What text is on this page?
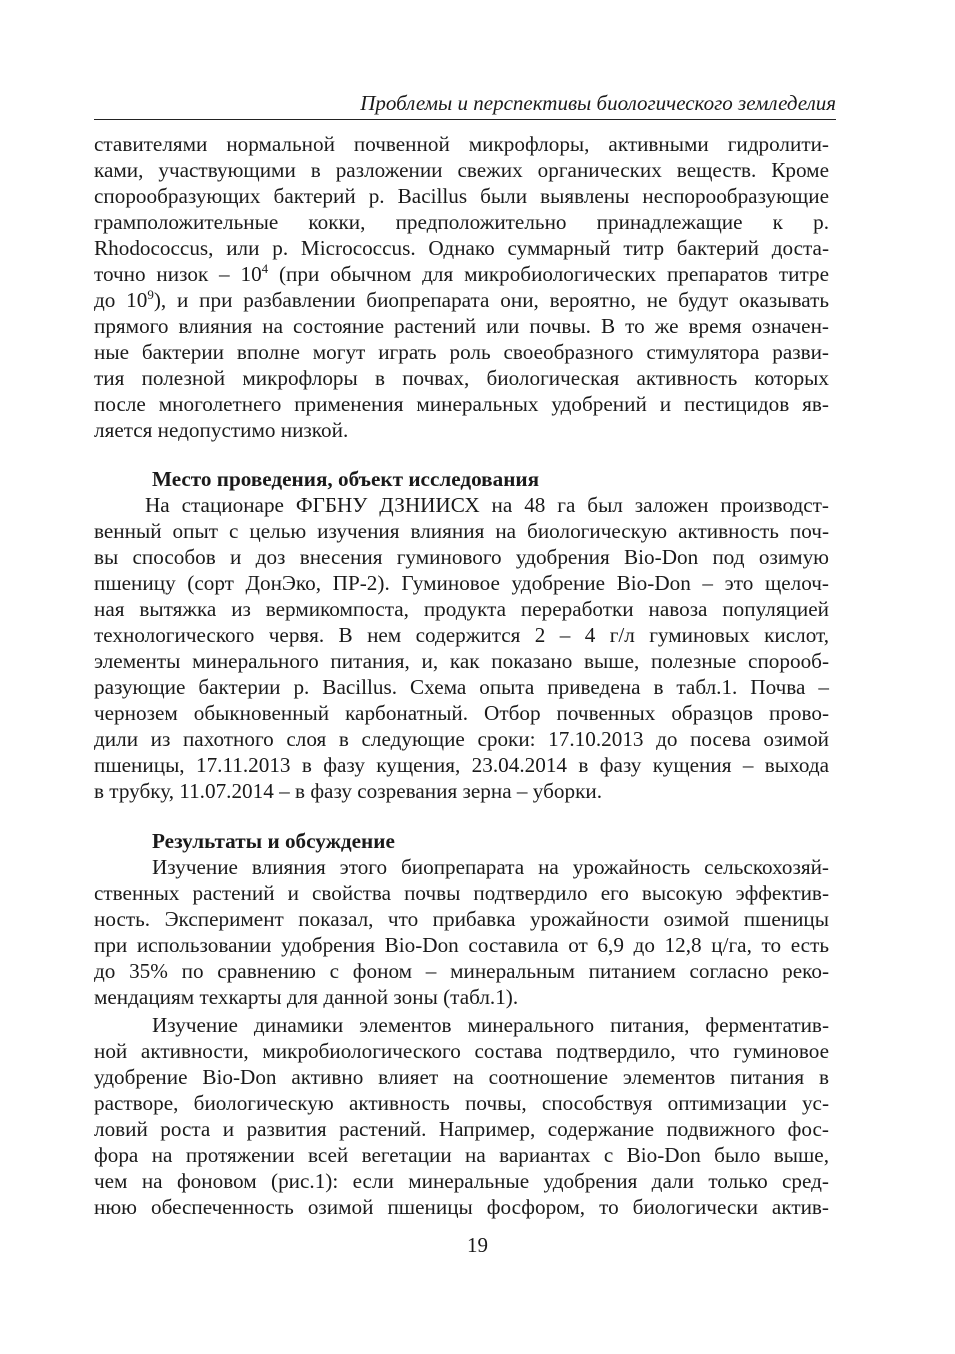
Проблемы и перспективы биологического земледелия
ставителями нормальной почвенной микрофлоры, активными гидролити-
ками, участвующими в разложении свежих органических веществ. Кроме
спорообразующих бактерий р. Bacillus были выявлены неспорообразующие
грамположительные кокки, предположительно принадлежащие к р.
Rhodococcus, или р. Micrococcus. Однако суммарный титр бактерий доста-
точно низок – $10^4$ (при обычном для микробиологических препаратов титре
до $10^9$), и при разбавлении биопрепарата они, вероятно, не будут оказывать
прямого влияния на состояние растений или почвы. В то же время означен-
ные бактерии вполне могут играть роль своеобразного стимулятора разви-
тия полезной микрофлоры в почвах, биологическая активность которых
после многолетнего применения минеральных удобрений и пестицидов яв-
ляется недопустимо низкой.
Место проведения, объект исследования
На стационаре ФГБНУ ДЗНИИСХ на 48 га был заложен производст-
венный опыт с целью изучения влияния на биологическую активность поч-
вы способов и доз внесения гуминового удобрения Bio-Don под озимую
пшеницу (сорт ДонЭко, ПР-2). Гуминовое удобрение Bio-Don – это щелоч-
ная вытяжка из вермикомпоста, продукта переработки навоза популяцией
технологического червя. В нем содержится 2 – 4 г/л гуминовых кислот,
элементы минерального питания, и, как показано выше, полезные спорооб-
разующие бактерии р. Bacillus. Схема опыта приведена в табл.1. Почва –
чернозем обыкновенный карбонатный. Отбор почвенных образцов прово-
дили из пахотного слоя в следующие сроки: 17.10.2013 до посева озимой
пшеницы, 17.11.2013 в фазу кущения, 23.04.2014 в фазу кущения – выхода
в трубку, 11.07.2014 – в фазу созревания зерна – уборки.
Результаты и обсуждение
Изучение влияния этого биопрепарата на урожайность сельскохозяй-
ственных растений и свойства почвы подтвердило его высокую эффектив-
ность. Эксперимент показал, что прибавка урожайности озимой пшеницы
при использовании удобрения Bio-Don составила от 6,9 до 12,8 ц/га, то есть
до 35% по сравнению с фоном – минеральным питанием согласно реко-
мендациям техкарты для данной зоны (табл.1).
Изучение динамики элементов минерального питания, ферментатив-
ной активности, микробиологического состава подтвердило, что гуминовое
удобрение Bio-Don активно влияет на соотношение элементов питания в
растворе, биологическую активность почвы, способствуя оптимизации ус-
ловий роста и развития растений. Например, содержание подвижного фос-
фора на протяжении всей вегетации на вариантах с Bio-Don было выше,
чем на фоновом (рис.1): если минеральные удобрения дали только сред-
нюю обеспеченность озимой пшеницы фосфором, то биологически актив-
19
